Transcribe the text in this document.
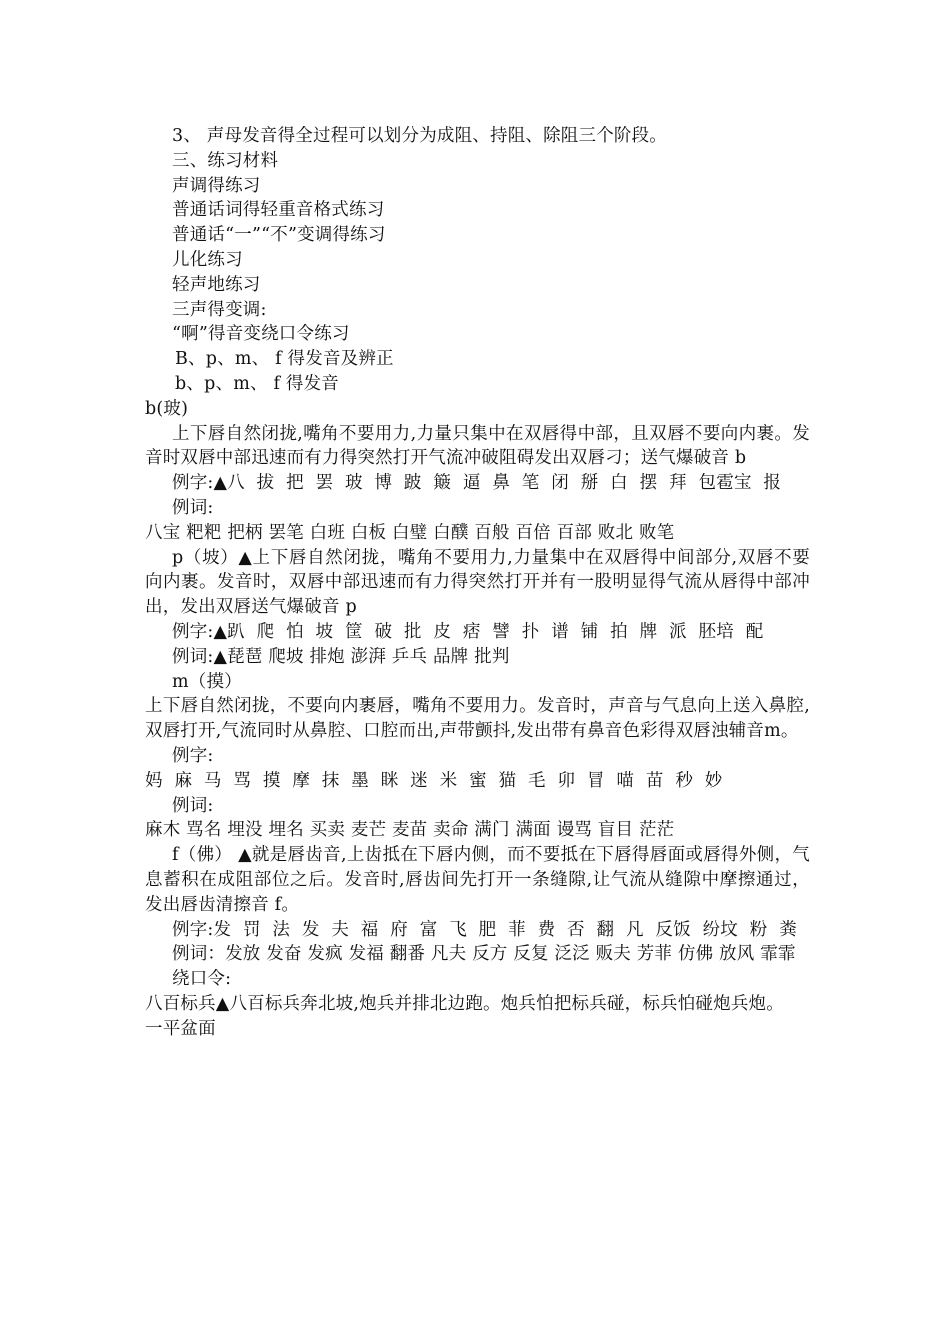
3、 声母发音得全过程可以划分为成阻、持阻、除阻三个阶段。
三、练习材料
声调得练习
普通话词得轻重音格式练习
普通话“一”“不”变调得练习
儿化练习
轻声地练习
三声得变调:
“啊”得音变绕口令练习
B、p、m、 f 得发音及辨正
b、p、m、 f 得发音
b(玻)
上下唇自然闭拢,嘴角不要用力,力量只集中在双唇得中部，且双唇不要向内裹。发音时双唇中部迅速而有力得突然打开气流冲破阻碍发出双唇刁；送气爆破音 b
例字:▲八 拔 把 罢 玻 博 跛 簸 逼 鼻 笔 闭 掰 白 摆 拜 包雹宝 报
例词:
八宝 粑粑 把柄 罢笔 白班 白板 白璧 白醭 百般 百倍 百部 败北 败笔
p（坡）▲上下唇自然闭拢，嘴角不要用力,力量集中在双唇得中间部分,双唇不要向内裹。发音时，双唇中部迅速而有力得突然打开并有一股明显得气流从唇得中部冲出，发出双唇送气爆破音 p
例字:▲趴 爬 怕 坡 筐 破 批 皮 痞 譬 扑 谱 铺 拍 牌 派 胚培 配
例词:▲琵琶 爬坡 排炮 澎湃 乒乓 品牌 批判
m（摸）
上下唇自然闭拢，不要向内裹唇，嘴角不要用力。发音时，声音与气息向上送入鼻腔,双唇打开,气流同时从鼻腔、口腔而出,声带颤抖,发出带有鼻音色彩得双唇浊辅音m。
例字:
妈 麻 马 骂 摸 摩 抹 墨 眯 迷 米 蜜 猫 毛 卯 冒 喵 苗 秒 妙
例词:
麻木 骂名 埋没 埋名 买卖 麦芒 麦苗 卖命 满门 满面 谩骂 盲目 茫茫
f（佛） ▲就是唇齿音,上齿抵在下唇内侧，而不要抵在下唇得唇面或唇得外侧，气息蓄积在成阻部位之后。发音时,唇齿间先打开一条缝隙,让气流从缝隙中摩擦通过，发出唇齿清擦音 f。
例字:发 罚 法 发 夫 福 府 富 飞 肥 菲 费 否 翻 凡 反饭 纷坟 粉 粪
例词：发放 发奋 发疯 发福 翻番 凡夫 反方 反复 泛泛 贩夫 芳菲 仿佛 放风 霏霏
绕口令:
八百标兵▲八百标兵奔北坡,炮兵并排北边跑。炮兵怕把标兵碰，标兵怕碰炮兵炮。
一平盆面
